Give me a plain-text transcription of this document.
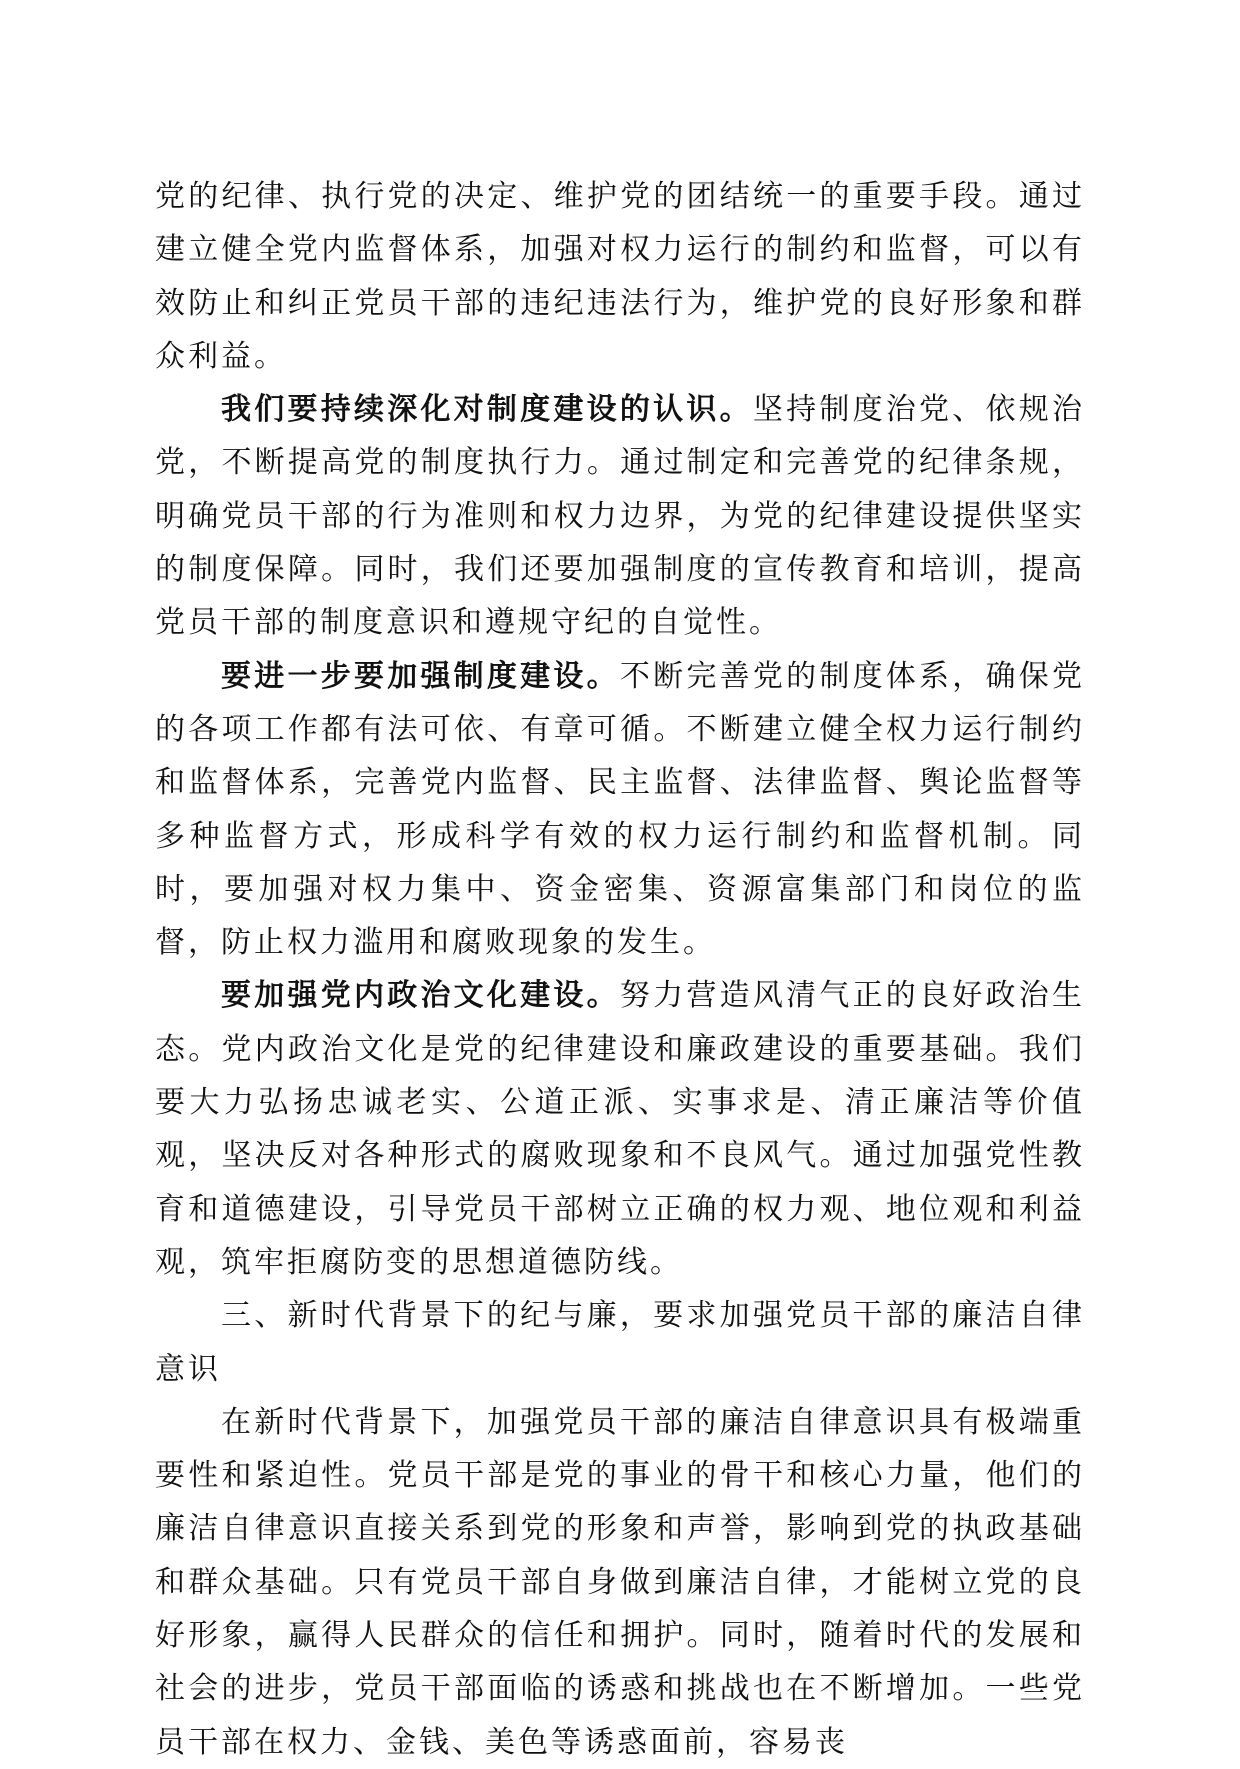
党的纪律、执行党的决定、维护党的团结统一的重要手段。通过建立健全党内监督体系，加强对权力运行的制约和监督，可以有效防止和纠正党员干部的违纪违法行为，维护党的良好形象和群众利益。

我们要持续深化对制度建设的认识。坚持制度治党、依规治党，不断提高党的制度执行力。通过制定和完善党的纪律条规，明确党员干部的行为准则和权力边界，为党的纪律建设提供坚实的制度保障。同时，我们还要加强制度的宣传教育和培训，提高党员干部的制度意识和遵规守纪的自觉性。

要进一步要加强制度建设。不断完善党的制度体系，确保党的各项工作都有法可依、有章可循。不断建立健全权力运行制约和监督体系，完善党内监督、民主监督、法律监督、舆论监督等多种监督方式，形成科学有效的权力运行制约和监督机制。同时，要加强对权力集中、资金密集、资源富集部门和岗位的监督，防止权力滥用和腐败现象的发生。

要加强党内政治文化建设。努力营造风清气正的良好政治生态。党内政治文化是党的纪律建设和廉政建设的重要基础。我们要大力弘扬忠诚老实、公道正派、实事求是、清正廉洁等价值观，坚决反对各种形式的腐败现象和不良风气。通过加强党性教育和道德建设，引导党员干部树立正确的权力观、地位观和利益观，筑牢拒腐防变的思想道德防线。

三、新时代背景下的纪与廉，要求加强党员干部的廉洁自律意识

在新时代背景下，加强党员干部的廉洁自律意识具有极端重要性和紧迫性。党员干部是党的事业的骨干和核心力量，他们的廉洁自律意识直接关系到党的形象和声誉，影响到党的执政基础和群众基础。只有党员干部自身做到廉洁自律，才能树立党的良好形象，赢得人民群众的信任和拥护。同时，随着时代的发展和社会的进步，党员干部面临的诱惑和挑战也在不断增加。一些党员干部在权力、金钱、美色等诱惑面前，容易丧
